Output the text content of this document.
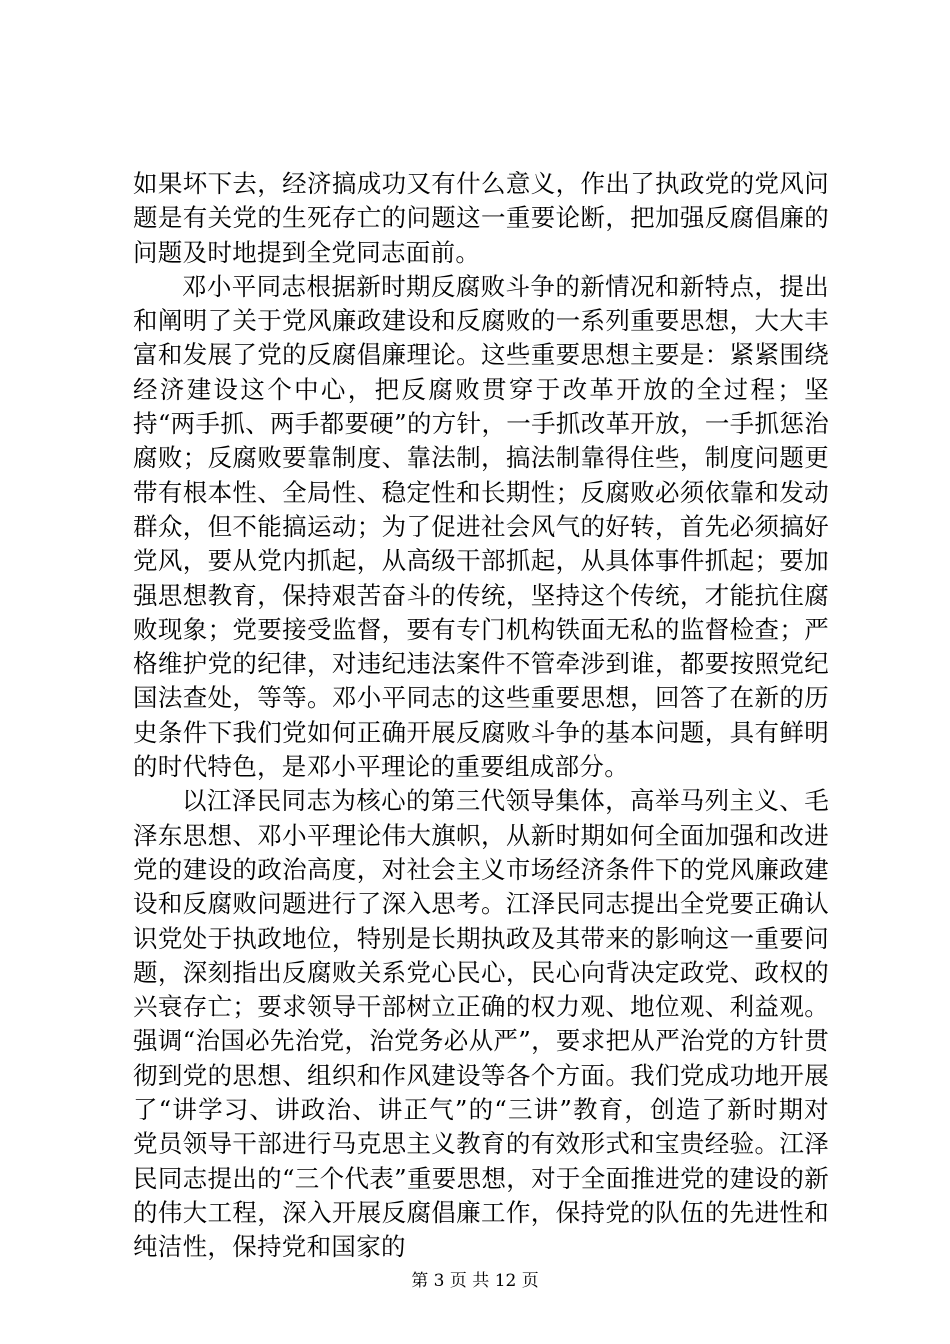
如果坏下去，经济搞成功又有什么意义，作出了执政党的党风问题是有关党的生死存亡的问题这一重要论断，把加强反腐倡廉的问题及时地提到全党同志面前。

邓小平同志根据新时期反腐败斗争的新情况和新特点，提出和阐明了关于党风廉政建设和反腐败的一系列重要思想，大大丰富和发展了党的反腐倡廉理论。这些重要思想主要是：紧紧围绕经济建设这个中心，把反腐败贯穿于改革开放的全过程；坚持“两手抓、两手都要硬”的方针，一手抓改革开放，一手抓惩治腐败；反腐败要靠制度、靠法制，搞法制靠得住些，制度问题更带有根本性、全局性、稳定性和长期性；反腐败必须依靠和发动群众，但不能搞运动；为了促进社会风气的好转，首先必须搞好党风，要从党内抓起，从高级干部抓起，从具体事件抓起；要加强思想教育，保持艰苦奋斗的传统，坚持这个传统，才能抗住腐败现象；党要接受监督，要有专门机构铁面无私的监督检查；严格维护党的纪律，对违纪违法案件不管牵涉到谁，都要按照党纪国法查处，等等。邓小平同志的这些重要思想，回答了在新的历史条件下我们党如何正确开展反腐败斗争的基本问题，具有鲜明的时代特色，是邓小平理论的重要组成部分。

以江泽民同志为核心的第三代领导集体，高举马列主义、毛泽东思想、邓小平理论伟大旗帜，从新时期如何全面加强和改进党的建设的政治高度，对社会主义市场经济条件下的党风廉政建设和反腐败问题进行了深入思考。江泽民同志提出全党要正确认识党处于执政地位，特别是长期执政及其带来的影响这一重要问题，深刻指出反腐败关系党心民心，民心向背决定政党、政权的兴衰存亡；要求领导干部树立正确的权力观、地位观、利益观。强调“治国必先治党，治党务必从严”，要求把从严治党的方针贯彻到党的思想、组织和作风建设等各个方面。我们党成功地开展了“讲学习、讲政治、讲正气”的“三讲”教育，创造了新时期对党员领导干部进行马克思主义教育的有效形式和宝贵经验。江泽民同志提出的“三个代表”重要思想，对于全面推进党的建设的新的伟大工程，深入开展反腐倡廉工作，保持党的队伍的先进性和纯洁性，保持党和国家的

第 3 页 共 12 页
